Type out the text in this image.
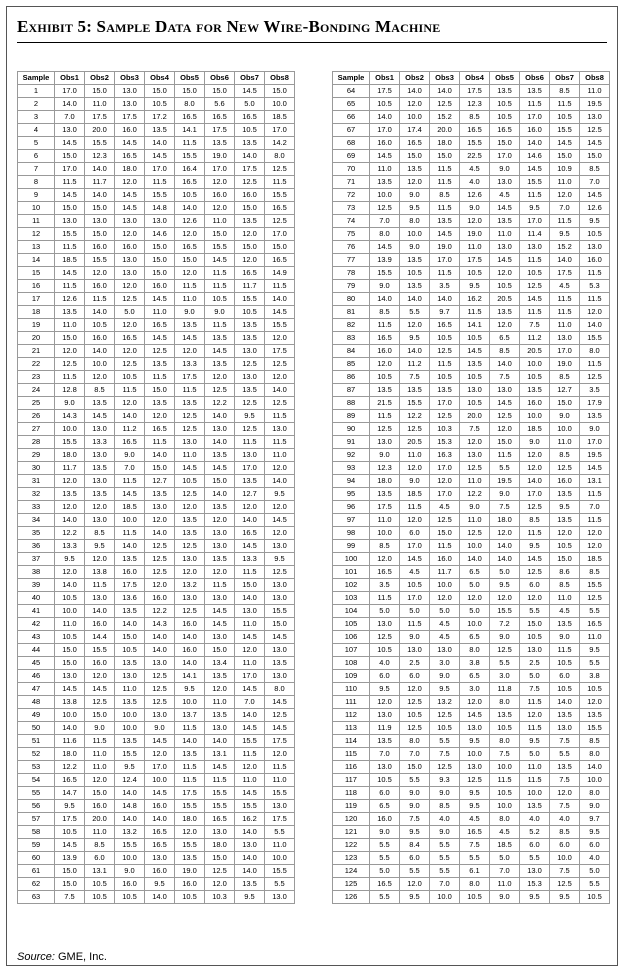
Exhibit 5: Sample Data for New Wire-Bonding Machine
Sample	Obs1	Obs2	Obs3	Obs4	Obs5	Obs6	Obs7	Obs8
1	17.0	15.0	13.0	15.0	15.0	15.0	14.5	15.0
2	14.0	11.0	13.0	10.5	8.0	5.6	5.0	10.0
3	7.0	17.5	17.5	17.2	16.5	16.5	16.5	18.5
4	13.0	20.0	16.0	13.5	14.1	17.5	10.5	17.0
5	14.5	15.5	14.5	14.0	11.5	13.5	13.5	14.2
6	15.0	12.3	16.5	14.5	15.5	19.0	14.0	8.0
7	17.0	14.0	18.0	17.0	16.4	17.0	17.5	12.5
8	11.5	11.7	12.0	11.5	16.5	12.0	12.5	11.5
9	14.5	14.0	14.5	15.5	10.5	16.0	16.0	15.5
10	15.0	15.0	14.5	14.8	14.0	12.0	15.0	16.5
11	13.0	13.0	13.0	13.0	12.6	11.0	13.5	12.5
12	15.5	15.0	12.0	14.6	12.0	15.0	12.0	17.0
13	11.5	16.0	16.0	15.0	16.5	15.5	15.0	15.0
14	18.5	15.5	13.0	15.0	15.0	14.5	12.0	16.5
15	14.5	12.0	13.0	15.0	12.0	11.5	16.5	14.9
16	11.5	16.0	12.0	16.0	11.5	11.5	11.7	11.5
17	12.6	11.5	12.5	14.5	11.0	10.5	15.5	14.0
18	13.5	14.0	5.0	11.0	9.0	9.0	10.5	14.5
19	11.0	10.5	12.0	16.5	13.5	11.5	13.5	15.5
20	15.0	16.0	16.5	14.5	14.5	13.5	13.5	12.0
21	12.0	14.0	12.0	12.5	12.0	14.5	13.0	17.5
22	12.5	10.0	12.5	13.5	13.3	13.5	12.5	12.5
23	11.5	12.0	10.5	11.5	17.5	12.0	13.0	12.0
24	12.8	8.5	11.5	15.0	11.5	12.5	13.5	14.0
25	9.0	13.5	12.0	13.5	13.5	12.2	12.5	12.5
26	14.3	14.5	14.0	12.0	12.5	14.0	9.5	11.5
27	10.0	13.0	11.2	16.5	12.5	13.0	12.5	13.0
28	15.5	13.3	16.5	11.5	13.0	14.0	11.5	11.5
29	18.0	13.0	9.0	14.0	11.0	13.5	13.0	11.0
30	11.7	13.5	7.0	15.0	14.5	14.5	17.0	12.0
31	12.0	13.0	11.5	12.7	10.5	15.0	13.5	14.0
32	13.5	13.5	14.5	13.5	12.5	14.0	12.7	9.5
33	12.0	12.0	18.5	13.0	12.0	13.5	12.0	12.0
34	14.0	13.0	10.0	12.0	13.5	12.0	14.0	14.5
35	12.2	8.5	11.5	14.0	13.5	13.0	16.5	12.0
36	13.3	9.5	14.0	12.5	12.5	13.0	14.5	13.0
37	9.5	12.0	13.5	12.5	13.0	13.5	13.3	9.5
38	12.0	13.8	16.0	12.5	12.0	12.0	11.5	12.5
39	14.0	11.5	17.5	12.0	13.2	11.5	15.0	13.0
40	10.5	13.0	13.6	16.0	13.0	13.0	14.0	13.0
41	10.0	14.0	13.5	12.2	12.5	14.5	13.0	15.5
42	11.0	16.0	14.0	14.3	16.0	14.5	11.0	15.0
43	10.5	14.4	15.0	14.0	14.0	13.0	14.5	14.5
44	15.0	15.5	10.5	14.0	16.0	15.0	12.0	13.0
45	15.0	16.0	13.5	13.0	14.0	13.4	11.0	13.5
46	13.0	12.0	13.0	12.5	14.1	13.5	17.0	13.0
47	14.5	14.5	11.0	12.5	9.5	12.0	14.5	8.0
48	13.8	12.5	13.5	12.5	10.0	11.0	7.0	14.5
49	10.0	15.0	10.0	13.0	13.7	13.5	14.0	12.5
50	14.0	9.0	10.0	9.0	11.5	13.0	14.5	14.5
51	11.6	11.5	13.5	14.5	14.0	14.0	15.5	17.5
52	18.0	11.0	15.5	12.0	13.5	13.1	11.5	12.0
53	12.2	11.0	9.5	17.0	11.5	14.5	12.0	11.5
54	16.5	12.0	12.4	10.0	11.5	11.5	11.0	11.0
55	14.7	15.0	14.0	14.5	17.5	15.5	14.5	15.5
56	9.5	16.0	14.8	16.0	15.5	15.5	15.5	13.0
57	17.5	20.0	14.0	14.0	18.0	16.5	16.2	17.5
58	10.5	11.0	13.2	16.5	12.0	13.0	14.0	5.5
59	14.5	8.5	15.5	16.5	15.5	18.0	13.0	11.0
60	13.9	6.0	10.0	13.0	13.5	15.0	14.0	10.0
61	15.0	13.1	9.0	16.0	19.0	12.5	14.0	15.5
62	15.0	10.5	16.0	9.5	16.0	12.0	13.5	5.5
63	7.5	10.5	10.5	14.0	10.5	10.3	9.5	13.0
Sample	Obs1	Obs2	Obs3	Obs4	Obs5	Obs6	Obs7	Obs8
64	17.5	14.0	14.0	17.5	13.5	13.5	8.5	11.0
65	10.5	12.0	12.5	12.3	10.5	11.5	11.5	19.5
66	14.0	10.0	15.2	8.5	10.5	17.0	10.5	13.0
67	17.0	17.4	20.0	16.5	16.5	16.0	15.5	12.5
68	16.0	16.5	18.0	15.5	15.0	14.0	14.5	14.5
69	14.5	15.0	15.0	22.5	17.0	14.6	15.0	15.0
70	11.0	13.5	11.5	4.5	9.0	14.5	10.9	8.5
71	13.5	12.0	11.5	4.0	13.0	15.5	11.0	7.0
72	10.0	9.0	8.5	12.6	4.5	11.5	12.0	14.5
73	12.5	9.5	11.5	9.0	14.5	9.5	7.0	12.6
74	7.0	8.0	13.5	12.0	13.5	17.0	11.5	9.5
75	8.0	10.0	14.5	19.0	11.0	11.4	9.5	10.5
76	14.5	9.0	19.0	11.0	13.0	13.0	15.2	13.0
77	13.9	13.5	17.0	17.5	14.5	11.5	14.0	16.0
78	15.5	10.5	11.5	10.5	12.0	10.5	17.5	11.5
79	9.0	13.5	3.5	9.5	10.5	12.5	4.5	5.3
80	14.0	14.0	14.0	16.2	20.5	14.5	11.5	11.5
81	8.5	5.5	9.7	11.5	13.5	11.5	11.5	12.0
82	11.5	12.0	16.5	14.1	12.0	7.5	11.0	14.0
83	16.5	9.5	10.5	10.5	6.5	11.2	13.0	15.5
84	16.0	14.0	12.5	14.5	8.5	20.5	17.0	8.0
85	12.0	11.2	11.5	13.5	14.0	10.0	19.0	11.5
86	10.5	7.5	10.5	10.5	7.5	10.5	8.5	12.5
87	13.5	13.5	13.5	13.0	13.0	13.5	12.7	3.5
88	21.5	15.5	17.0	10.5	14.5	16.0	15.0	17.9
89	11.5	12.2	12.5	20.0	12.5	10.0	9.0	13.5
90	12.5	12.5	10.3	7.5	12.0	18.5	10.0	9.0
91	13.0	20.5	15.3	12.0	15.0	9.0	11.0	17.0
92	9.0	11.0	16.3	13.0	11.5	12.0	8.5	19.5
93	12.3	12.0	17.0	12.5	5.5	12.0	12.5	14.5
94	18.0	9.0	12.0	11.0	19.5	14.0	16.0	13.1
95	13.5	18.5	17.0	12.2	9.0	17.0	13.5	11.5
96	17.5	11.5	4.5	9.0	7.5	12.5	9.5	7.0
97	11.0	12.0	12.5	11.0	18.0	8.5	13.5	11.5
98	10.0	6.0	15.0	12.5	12.0	11.5	12.0	12.0
99	8.5	17.0	11.5	10.0	14.0	9.5	10.5	12.0
100	12.0	14.5	16.0	14.0	14.0	14.5	15.0	18.5
101	16.5	4.5	11.7	6.5	5.0	12.5	8.6	8.5
102	3.5	10.5	10.0	5.0	9.5	6.0	8.5	15.5
103	11.5	17.0	12.0	12.0	12.0	12.0	11.0	12.5
104	5.0	5.0	5.0	5.0	15.5	5.5	4.5	5.5
105	13.0	11.5	4.5	10.0	7.2	15.0	13.5	16.5
106	12.5	9.0	4.5	6.5	9.0	10.5	9.0	11.0
107	10.5	13.0	13.0	8.0	12.5	13.0	11.5	9.5
108	4.0	2.5	3.0	3.8	5.5	2.5	10.5	5.5
109	6.0	6.0	9.0	6.5	3.0	5.0	6.0	3.8
110	9.5	12.0	9.5	3.0	11.8	7.5	10.5	10.5
111	12.0	12.5	13.2	12.0	8.0	11.5	14.0	12.0
112	13.0	10.5	12.5	14.5	13.5	12.0	13.5	13.5
113	11.9	12.5	10.5	13.0	10.5	11.5	13.0	15.5
114	13.5	8.0	5.5	9.5	8.0	9.5	7.5	8.5
115	7.0	7.0	7.5	10.0	7.5	5.0	5.5	8.0
116	13.0	15.0	12.5	13.0	10.0	11.0	13.5	14.0
117	10.5	5.5	9.3	12.5	11.5	11.5	7.5	10.0
118	6.0	9.0	9.0	9.5	10.5	10.0	12.0	8.0
119	6.5	9.0	8.5	9.5	10.0	13.5	7.5	9.0
120	16.0	7.5	4.0	4.5	8.0	4.0	4.0	9.7
121	9.0	9.5	9.0	16.5	4.5	5.2	8.5	9.5
122	5.5	8.4	5.5	7.5	18.5	6.0	6.0	6.0
123	5.5	6.0	5.5	5.5	5.0	5.5	10.0	4.0
124	5.0	5.5	5.5	6.1	7.0	13.0	7.5	5.0
125	16.5	12.0	7.0	8.0	11.0	15.3	12.5	5.5
126	5.5	9.5	10.0	10.5	9.0	9.5	9.5	10.5
Source: GME, Inc.
